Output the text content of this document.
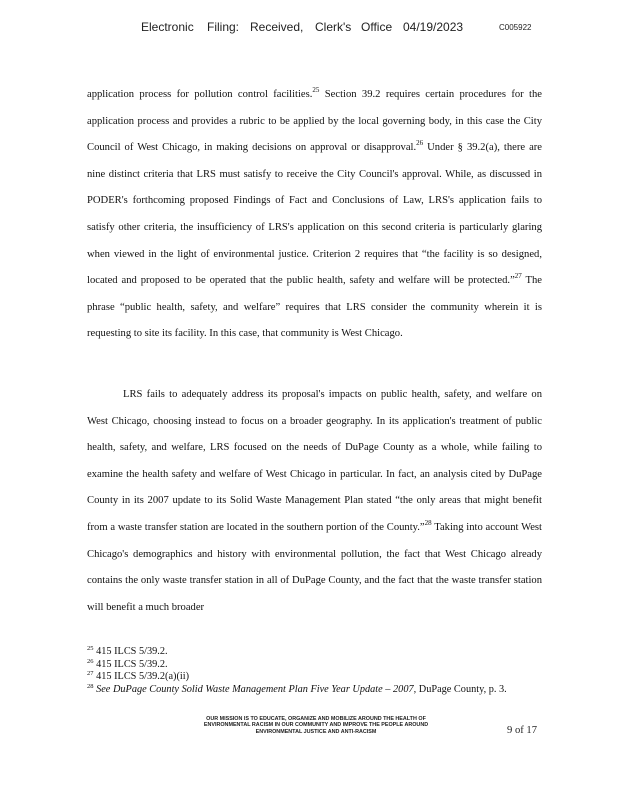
Electronic Filing: Received, Clerk's Office 04/19/2023	C005922

application process for pollution control facilities.$^{25}$ Section 39.2 requires certain procedures for the application process and provides a rubric to be applied by the local governing body, in this case the City Council of West Chicago, in making decisions on approval or disapproval.$^{26}$ Under § 39.2(a), there are nine distinct criteria that LRS must satisfy to receive the City Council's approval. While, as discussed in PODER's forthcoming proposed Findings of Fact and Conclusions of Law, LRS's application fails to satisfy other criteria, the insufficiency of LRS's application on this second criteria is particularly glaring when viewed in the light of environmental justice. Criterion 2 requires that “the facility is so designed, located and proposed to be operated that the public health, safety and welfare will be protected.”$^{27}$ The phrase “public health, safety, and welfare” requires that LRS consider the community wherein it is requesting to site its facility. In this case, that community is West Chicago.

LRS fails to adequately address its proposal's impacts on public health, safety, and welfare on West Chicago, choosing instead to focus on a broader geography. In its application's treatment of public health, safety, and welfare, LRS focused on the needs of DuPage County as a whole, while failing to examine the health safety and welfare of West Chicago in particular. In fact, an analysis cited by DuPage County in its 2007 update to its Solid Waste Management Plan stated “the only areas that might benefit from a waste transfer station are located in the southern portion of the County.”$^{28}$ Taking into account West Chicago's demographics and history with environmental pollution, the fact that West Chicago already contains the only waste transfer station in all of DuPage County, and the fact that the waste transfer station will benefit a much broader

$^{25}$ 415 ILCS 5/39.2.
$^{26}$ 415 ILCS 5/39.2.
$^{27}$ 415 ILCS 5/39.2(a)(ii)
$^{28}$ See DuPage County Solid Waste Management Plan Five Year Update – 2007, DuPage County, p. 3.
OUR MISSION IS TO EDUCATE, ORGANIZE AND MOBILIZE AROUND THE HEALTH OF
ENVIRONMENTAL RACISM IN OUR COMMUNITY AND IMPROVE THE PEOPLE AROUND
ENVIRONMENTAL JUSTICE AND ANTI-RACISM	9 of 17
